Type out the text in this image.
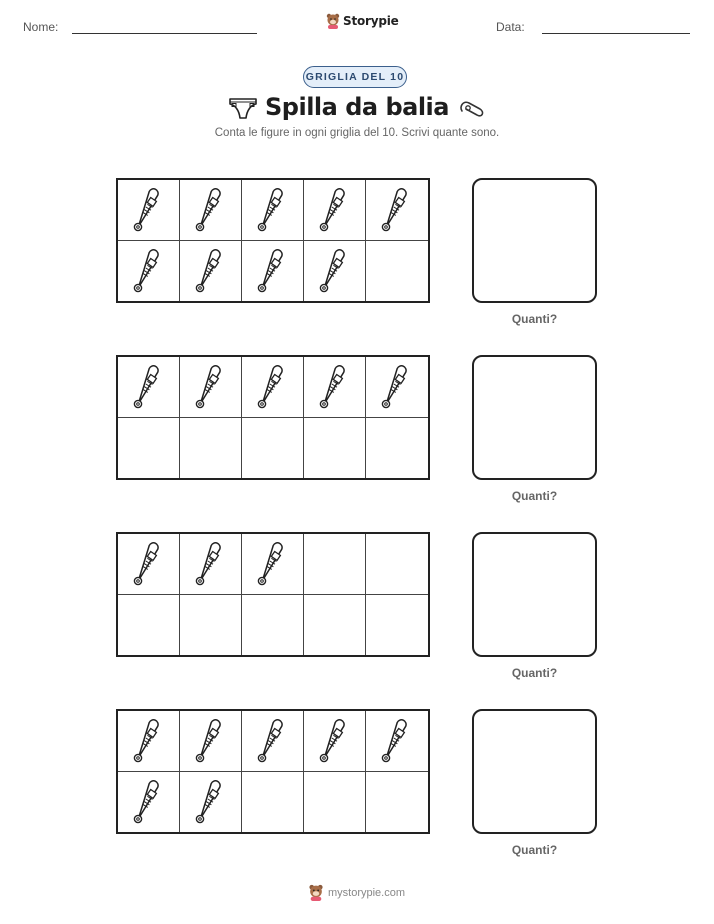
Nome:	Storypie	Data:
GRIGLIA DEL 10
Spilla da balia
Conta le figure in ogni griglia del 10. Scrivi quante sono.
Quanti?
Quanti?
Quanti?
Quanti?
mystorypie.com
